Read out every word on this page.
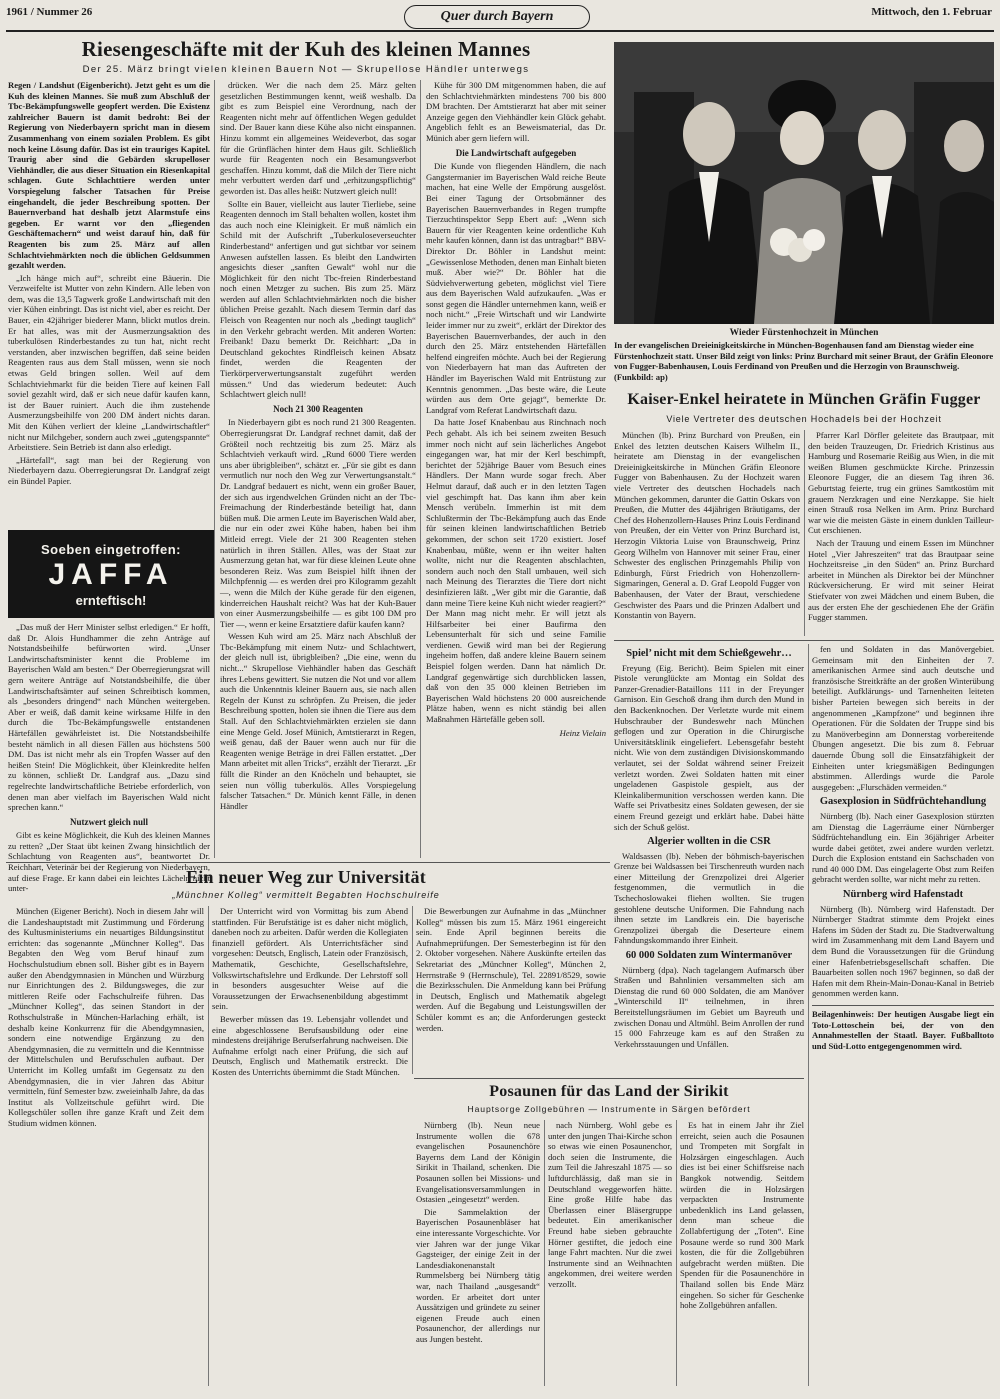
1961 / Nummer 26	Quer durch Bayern	Mittwoch, den 1. Februar
Riesengeschäfte mit der Kuh des kleinen Mannes
Der 25. März bringt vielen kleinen Bauern Not — Skrupellose Händler unterwegs

Regen / Landshut (Eigenbericht). Jetzt geht es um die Kuh des kleinen Mannes. Sie muß zum Abschluß der Tbc-Bekämpfungswelle geopfert werden. Die Existenz zahlreicher Bauern ist damit bedroht: Bei der Regierung von Niederbayern spricht man in diesem Zusammenhang von einem sozialen Problem. Es gibt noch keine Lösung dafür. Das ist ein trauriges Kapitel. Traurig aber sind die Gebärden skrupelloser Viehhändler, die aus dieser Situation ein Riesenkapital schlagen. Gute Schlachttiere werden unter Vorspiegelung falscher Tatsachen für Preise eingehandelt, die jeder Beschreibung spotten. Der Bauernverband hat deshalb jetzt Alarmstufe eins gegeben. Er warnt vor den „fliegenden Geschäftemachern“ und weist darauf hin, daß für Reagenten bis zum 25. März auf allen Schlachtviehmärkten noch die üblichen Geldsummen gezahlt werden.

„Ich hänge mich auf“, schreibt eine Bäuerin. Die Verzweifelte ist Mutter von zehn Kindern. Alle leben von dem, was die 13,5 Tagwerk große Landwirtschaft mit den vier Kühen einbringt. Das ist nicht viel, aber es reicht. Der Bauer, ein 42jähriger biederer Mann, blickt mutlos drein. Er hat alles, was mit der Ausmerzungsaktion des tuberkulösen Rinderbestandes zu tun hat, nicht recht verstanden, aber inzwischen begriffen, daß seine beiden Reagenten raus aus dem Stall müssen, wenn sie noch etwas Geld bringen sollen. Weil auf dem Schlachtviehmarkt für die beiden Tiere auf keinen Fall soviel gezahlt wird, daß er sich neue dafür kaufen kann, ist der Bauer ruiniert. Auch die ihm zustehende Ausmerzungsbeihilfe von 200 DM ändert nichts daran. Mit den Kühen verliert der kleine „Landwirtschaftler“ nicht nur Milchgeber, sondern auch zwei „gutengspannte“ Arbeitstiere. Sein Betrieb ist dann also erledigt.

„Härtefall“, sagt man bei der Regierung von Niederbayern dazu. Oberregierungsrat Dr. Landgraf zeigt ein Bündel Papier.

Soeben eingetroffen:
JAFFA
ernteftisch!

„Das muß der Herr Minister selbst erledigen.“ Er hofft, daß Dr. Alois Hundhammer die zehn Anträge auf Notstandsbeihilfe befürworten wird. „Unser Landwirtschaftsminister kennt die Probleme im Bayerischen Wald am besten.“ Der Oberregierungsrat will gern weitere Anträge auf Notstandsbeihilfe, die über Landwirtschaftsämter auf seinen Schreibtisch kommen, als „besonders dringend“ nach München weitergeben. Aber er weiß, daß damit keine wirksame Hilfe in den durch die Tbc-Bekämpfungswelle entstandenen Härtefällen gewährleistet ist. Die Notstandsbeihilfe besteht nämlich in all diesen Fällen aus höchstens 500 DM. Das ist nicht mehr als ein Tropfen Wasser auf den heißen Stein! Die Möglichkeit, über Kleinkredite helfen zu können, schließt Dr. Landgraf aus. „Dazu sind regelrechte landwirtschaftliche Betriebe erforderlich, von denen man aber vielfach im Bayerischen Wald nicht sprechen kann.“

Nutzwert gleich null

Gibt es keine Möglichkeit, die Kuh des kleinen Mannes zu retten? „Der Staat übt keinen Zwang hinsichtlich der Schlachtung von Reagenten aus“, beantwortet Dr. Reichhart, Veterinär bei der Regierung von Niederbayern, auf diese Frage. Er kann dabei ein leichtes Lächeln nicht unter-

drücken. Wer die nach dem 25. März gelten gesetzlichen Bestimmungen kennt, weiß weshalb. Da gibt es zum Beispiel eine Verordnung, nach der Reagenten nicht mehr auf öffentlichen Wegen geduldet sind. Der Bauer kann diese Kühe also nicht einspannen. Hinzu kommt ein allgemeines Weideverbot, das sogar für die Grünflächen hinter dem Haus gilt. Schließlich wurde für Reagenten noch ein Besamungsverbot geschaffen. Hinzu kommt, daß die Milch der Tiere nicht mehr verbuttert werden darf und „erhitzungspflichtig“ geworden ist. Das alles heißt: Nutzwert gleich null!

Sollte ein Bauer, vielleicht aus lauter Tierliebe, seine Reagenten dennoch im Stall behalten wollen, kostet ihm das auch noch eine Kleinigkeit. Er muß nämlich ein Schild mit der Aufschrift „Tuberkuloseverseuchter Rinderbestand“ anfertigen und gut sichtbar vor seinem Anwesen aufstellen lassen. Es bleibt den Landwirten angesichts dieser „sanften Gewalt“ wohl nur die Möglichkeit für den nicht Tbc-freien Rinderbestand noch einen Metzger zu suchen. Bis zum 25. März werden auf allen Schlachtviehmärkten noch die bisher üblichen Preise gezahlt. Nach diesem Termin darf das Fleisch von Reagenten nur noch als „bedingt tauglich“ in den Verkehr gebracht werden. Mit anderen Worten: Freibank! Dazu bemerkt Dr. Reichhart: „Da in Deutschland gekochtes Rindfleisch keinen Absatz findet, werden die Reagenten der Tierkörperverwertungsanstalt zugeführt werden müssen.“ Und das wiederum bedeutet: Auch Schlachtwert gleich null!

Noch 21 300 Reagenten

In Niederbayern gibt es noch rund 21 300 Reagenten. Oberregierungsrat Dr. Landgraf rechnet damit, daß der Größteil noch rechtzeitig bis zum 25. März als Schlachtvieh verkauft wird. „Rund 6000 Tiere werden uns aber übrigbleiben“, schätzt er. „Für sie gibt es dann vermutlich nur noch den Weg zur Verwertungsanstalt.“ Dr. Landgraf bedauert es nicht, wenn ein großer Bauer, der sich aus irgendwelchen Gründen nicht an der Tbc-Freimachung der Rinderbestände beteiligt hat, dann büßen muß. Die armen Leute im Bayerischen Wald aber, die nur ein oder zwei Kühe haben, haben bei ihm Mitleid erregt. Viele der 21 300 Reagenten stehen natürlich in ihren Ställen. Alles, was der Staat zur Ausmerzung getan hat, war für diese kleinen Leute ohne besonderen Reiz. Was zum Beispiel hilft ihnen der Milchpfennig — es werden drei pro Kilogramm gezahlt —, wenn die Milch der Kühe gerade für den eigenen, kinderreichen Haushalt reicht? Was hat der Kuh-Bauer von einer Ausmerzungsbeihilfe — es gibt 100 DM pro Tier —, wenn er keine Ersatztiere dafür kaufen kann?

Wessen Kuh wird am 25. März nach Abschluß der Tbc-Bekämpfung mit einem Nutz- und Schlachtwert, der gleich null ist, übrigbleiben? „Die eine, wenn du nicht...“ Skrupellose Viehhändler haben das Geschäft ihres Lebens gewittert. Sie nutzen die Not und vor allem auch die Unkenntnis kleiner Bauern aus, sie nach allen Regeln der Kunst zu schröpfen. Zu Preisen, die jeder Beschreibung spotten, holen sie ihnen die Tiere aus dem Stall. Auf den Schlachtviehmärkten erzielen sie dann eine Menge Geld. Josef Münich, Amtstierarzt in Regen, weiß genau, daß der Bauer wenn auch nur für die Reagenten wenige Beträge in drei Fällen erstattet. „Der Mann arbeitet mit allen Tricks“, erzählt der Tierarzt. „Er füllt die Rinder an den Knöcheln und behauptet, sie seien nun völlig tuberkulös. Alles Vorspiegelung falscher Tatsachen.“ Dr. Münich kennt Fälle, in denen Händler

Kühe für 300 DM mitgenommen haben, die auf den Schlachtviehmärkten mindestens 700 bis 800 DM brachten. Der Amtstierarzt hat aber mit seiner Anzeige gegen den Viehhändler kein Glück gehabt. Angeblich fehlt es an Beweismaterial, das Dr. Münich aber gern liefern will.

Die Landwirtschaft aufgegeben

Die Kunde von fliegenden Händlern, die nach Gangstermanier im Bayerischen Wald reiche Beute machen, hat eine Welle der Empörung ausgelöst. Bei einer Tagung der Ortsobmänner des Bayerischen Bauernverbandes in Regen trumpfte Tierzuchtinspektor Sepp Ebert auf: „Wenn sich Bauern für vier Reagenten keine ordentliche Kuh mehr kaufen können, dann ist das untragbar!“ BBV-Direktor Dr. Böhler in Landshut meint: „Gewissenlose Methoden, denen man Einhalt bieten muß. Aber wie?“ Dr. Böhler hat die Südviehverwertung gebeten, möglichst viel Tiere aus dem Bayerischen Wald aufzukaufen. „Was er sonst gegen die Händler unternehmen kann, weiß er noch nicht.“ „Freie Wirtschaft und wir Landwirte leider immer nur zu zweit“, erklärt der Direktor des Bayerischen Bauernverbandes, der auch in den durch den 25. März entstehenden Härtefällen helfend eingreifen möchte. Auch bei der Regierung von Niederbayern hat man das Auftreten der Händler im Bayerischen Wald mit Entrüstung zur Kenntnis genommen. „Das beste wäre, die Leute würden aus dem Orte gejagt“, bemerkte Dr. Landgraf vom Referat Landwirtschaft dazu.

Da hatte Josef Knabenbau aus Rinchnach noch Pech gehabt. Als ich bei seinem zweiten Besuch immer noch nicht auf sein lächerliches Angebot eingegangen war, hat mir der Kerl beschimpft, berichtet der 52jährige Bauer vom Besuch eines Händlers. Der Mann wurde sogar frech. Aber Helmut darauf, daß auch er in den letzten Tagen viel geschimpft hat. Das kann ihm aber kein Mensch verübeln. Immerhin ist mit dem Schlußtermin der Tbc-Bekämpfung auch das Ende für seinen kleinen landwirtschaftlichen Betrieb gekommen, der schon seit 1720 existiert. Josef Knabenbau, müßte, wenn er ihn weiter halten wollte, nicht nur die Reagenten abschlachten, sondern auch noch den Stall umbauen, weil sich nach Meinung des Tierarztes die Tiere dort nicht desinfizieren läßt. „Wer gibt mir die Garantie, daß dann meine Tiere keine Kuh nicht wieder reagiert?“ Der Mann mag nicht mehr. Er will jetzt als Hilfsarbeiter bei einer Baufirma den Lebensunterhalt für sich und seine Familie verdienen. Gewiß wird man bei der Regierung ingeheim hoffen, daß andere kleine Bauern seinem Beispiel folgen werden. Dann hat nämlich Dr. Landgraf gegenwärtige sich durchblicken lassen, daß von den 35 000 kleinen Betrieben im Bayerischen Wald höchstens 20 000 ausreichende Plätze haben, wenn es nicht ständig bei allen Maßnahmen Härtefälle geben soll.

Heinz Vielain
Wieder Fürstenhochzeit in München
In der evangelischen Dreieinigkeitskirche in München-Bogenhausen fand am Dienstag wieder eine Fürstenhochzeit statt. Unser Bild zeigt von links: Prinz Burchard mit seiner Braut, der Gräfin Eleonore von Fugger-Babenhausen, Louis Ferdinand von Preußen und die Herzogin von Braunschweig. (Funkbild: ap)
Kaiser-Enkel heiratete in München Gräfin Fugger
Viele Vertreter des deutschen Hochadels bei der Hochzeit

München (lb). Prinz Burchard von Preußen, ein Enkel des letzten deutschen Kaisers Wilhelm II., heiratete am Dienstag in der evangelischen Dreieinigkeitskirche in München Gräfin Eleonore Fugger von Babenhausen. Zu der Hochzeit waren viele Vertreter des deutschen Hochadels nach München gekommen, darunter die Gattin Oskars von Preußen, die Mutter des 44jährigen Bräutigams, der Chef des Hohenzollern-Hauses Prinz Louis Ferdinand von Preußen, der ein Vetter von Prinz Burchard ist, Herzogin Viktoria Luise von Braunschweig, Prinz Georg Wilhelm von Hannover mit seiner Frau, einer Schwester des englischen Prinzgemahls Philip von Edinburgh, Fürst Friedrich von Hohenzollern-Sigmaringen, General a. D. Graf Leopold Fugger von Babenhausen, der Vater der Braut, verschiedene Geschwister des Paars und die Prinzen Adalbert und Konstantin von Bayern.

Pfarrer Karl Dörfler geleitete das Brautpaar, mit den beiden Trauzeugen, Dr. Friedrich Kristinus aus Hamburg und Rosemarie Reißig aus Wien, in die mit weißen Blumen geschmückte Kirche. Prinzessin Eleonore Fugger, die an diesem Tag ihren 36. Geburtstag feierte, trug ein grünes Samtkostüm mit grauem Nerzkragen und eine Nerzkappe. Sie hielt einen Strauß rosa Nelken im Arm. Prinz Burchard war wie die meisten Gäste in einem dunklen Tailleur-Cut erschienen.

Nach der Trauung und einem Essen im Münchner Hotel „Vier Jahreszeiten“ trat das Brautpaar seine Hochzeitsreise „in den Süden“ an. Prinz Burchard arbeitet in München als Direktor bei der Münchner Rückversicherung. Er wird mit seiner Heirat Stiefvater von zwei Mädchen und einem Buben, die aus der ersten Ehe der geschiedenen Ehe der Gräfin Fugger stammen.

Spiel’ nicht mit dem Schießgewehr…

Freyung (Eig. Bericht). Beim Spielen mit einer Pistole verunglückte am Montag ein Soldat des Panzer-Grenadier-Bataillons 111 in der Freyunger Garnison. Ein Geschoß drang ihm durch den Mund in den Backenknochen. Der Verletzte wurde mit einem Hubschrauber der Bundeswehr nach München geflogen und zur Operation in die Chirurgische Universitätsklinik eingeliefert. Lebensgefahr besteht nicht. Wie von dem zuständigen Divisionskommando verlautet, sei der Soldat während seiner Freizeit verletzt worden. Zwei Soldaten hatten mit einer ungeladenen Gaspistole gespielt, aus der Kleinkalibermunition verschossen werden kann. Die Waffe sei Privatbesitz eines Soldaten gewesen, der sie einem Freund gezeigt und erklärt habe. Dabei hätte sich der Schuß gelöst.

Algerier wollten in die CSR

Waldsassen (lb). Neben der böhmisch-bayerischen Grenze bei Waldsassen bei Tirschenreuth wurden nach einer Mitteilung der Grenzpolizei drei Algerier festgenommen, die vermutlich in die Tschechoslowakei fliehen wollten. Sie trugen gestohlene deutsche Uniformen. Die Fahndung nach ihnen setzte im Landkreis ein. Die bayerische Grenzpolizei übergab die Deserteure einem Fahndungskommando ihrer Einheit.

60 000 Soldaten zum Wintermanöver

Nürnberg (dpa). Nach tagelangem Aufmarsch über Straßen und Bahnlinien versammelten sich am Dienstag die rund 60 000 Soldaten, die am Manöver „Winterschild II“ teilnehmen, in ihren Bereitstellungsräumen im Gebiet um Bayreuth und zwischen Donau und Altmühl. Beim Anrollen der rund 15 000 Fahrzeuge kam es auf den Straßen zu Verkehrsstauungen und Unfällen.

fen und Soldaten in das Manövergebiet. Gemeinsam mit den Einheiten der 7. amerikanischen Armee sind auch deutsche und französische Streitkräfte an der großen Winterübung beteiligt. Aufklärungs- und Tarnenheiten leiteten bisher Parteien bewegen sich bereits in der angenommenen „Kampfzone“ und beginnen ihre Operationen. Für die Soldaten der Truppe sind bis zu Manöverbeginn am Donnerstag vorbereitende Übungen angesetzt. Die bis zum 8. Februar dauernde Übung soll die Einsatzfähigkeit der Einheiten unter kriegsmäßigen Bedingungen abstimmen. Allerdings wurde die Parole ausgegeben: „Flurschäden vermeiden.“

Gasexplosion in Südfrüchtehandlung

Nürnberg (lb). Nach einer Gasexplosion stürzten am Dienstag die Lagerräume einer Nürnberger Südfrüchtehandlung ein. Ein 36jähriger Arbeiter wurde dabei getötet, zwei andere wurden verletzt. Durch die Explosion entstand ein Sachschaden von rund 40 000 DM. Das eingelagerte Obst zum Reifen gebracht werden sollte, war nicht mehr zu retten.

Nürnberg wird Hafenstadt

Nürnberg (lb). Nürnberg wird Hafenstadt. Der Nürnberger Stadtrat stimmte dem Projekt eines Hafens im Süden der Stadt zu. Die Stadtverwaltung wird im Zusammenhang mit dem Land Bayern und dem Bund die Voraussetzungen für die Gründung einer Hafenbetriebsgesellschaft schaffen. Die Bauarbeiten sollen noch 1967 beginnen, so daß der Hafen mit dem Rhein-Main-Donau-Kanal in Betrieb genommen werden kann.

Beilagenhinweis: Der heutigen Ausgabe liegt ein Toto-Lottoschein bei, der von den Annahmestellen der Staatl. Bayer. Fußballtoto und Süd-Lotto entgegengenommen wird.

Ein neuer Weg zur Universität
„Münchner Kolleg“ vermittelt Begabten Hochschulreife

München (Eigener Bericht). Noch in diesem Jahr will die Landeshauptstadt mit Zustimmung und Förderung des Kultusministeriums ein neuartiges Bildungsinstitut errichten: das sogenannte „Münchner Kolleg“. Das Begabten den Weg vom Beruf hinauf zum Hochschulstudium ebnen soll. Bisher gibt es in Bayern außer den Abendgymnasien in München und Würzburg nur Einrichtungen des 2. Bildungsweges, die zur mittleren Reife oder Fachschulreife führen. Das „Münchner Kolleg“, das seinen Standort in der Rothschulstraße in München-Harlaching erhält, ist deshalb keine Konkurrenz für die Abendgymnasien, sondern eine notwendige Ergänzung zu den Abendgymnasien, die zu vermitteln und die Kenntnisse der Mittelschulen und Berufsschulen aufbaut. Der Unterricht im Kolleg umfaßt im Gegensatz zu den Abendgymnasien, die in vier Jahren das Abitur vermitteln, fünf Semester bzw. zweieinhalb Jahre, da das Institut als Vollzeitschule geführt wird. Die Kollegschüler sollen ihre ganze Kraft und Zeit dem Studium widmen können.

Der Unterricht wird von Vormittag bis zum Abend stattfinden. Für Berufstätige ist es daher nicht möglich, daneben noch zu arbeiten. Dafür werden die Kollegiaten finanziell gefördert. Als Unterrichtsfächer sind vorgesehen: Deutsch, Englisch, Latein oder Französisch, Mathematik, Geschichte, Gesellschaftslehre, Volkswirtschaftslehre und Erdkunde. Der Lehrstoff soll in besonders ausgesuchter Weise auf die Voraussetzungen der Erwachsenenbildung abgestimmt sein.

Bewerber müssen das 19. Lebensjahr vollendet und eine abgeschlossene Berufsausbildung oder eine mindestens dreijährige Berufserfahrung nachweisen. Die Aufnahme erfolgt nach einer Prüfung, die sich auf Deutsch, Englisch und Mathematik erstreckt. Die Kosten des Unterrichts übernimmt die Stadt München.

Die Bewerbungen zur Aufnahme in das „Münchner Kolleg“ müssen bis zum 15. März 1961 eingereicht sein. Ende April beginnen bereits die Aufnahmeprüfungen. Der Semesterbeginn ist für den 2. Oktober vorgesehen. Nähere Auskünfte erteilen das Sekretariat des „Münchner Kolleg“, München 2, Herrnstraße 9 (Herrnschule), Tel. 22891/8529, sowie die Bezirksschulen. Die Anmeldung kann bei Prüfung in Deutsch, Englisch und Mathematik abgelegt werden. Auf die Begabung und Leistungswillen der Schüler kommt es an; die Anforderungen gesteckt werden.

Posaunen für das Land der Sirikit
Hauptsorge Zollgebühren — Instrumente in Särgen befördert

Nürnberg (lb). Neun neue Instrumente wollen die 678 evangelischen Posaunenchöre Bayerns dem Land der Königin Sirikit in Thailand, schenken. Die Posaunen sollen bei Missions- und Evangelisationsversammlungen in Ostasien „eingesetzt“ werden.

Die Sammelaktion der Bayerischen Posaunenbläser hat eine interessante Vorgeschichte. Vor vier Jahren war der junge Vikar Gagsteiger, der einige Zeit in der Landesdiakonenanstalt Rummelsberg bei Nürnberg tätig war, nach Thailand „ausgesandt“ worden. Er arbeitet dort unter Aussätzigen und gründete zu seiner eigenen Freude auch einen Posaunenchor, der allerdings nur aus Jungen besteht.

nach Nürnberg. Wohl gebe es unter den jungen Thai-Kirche schon so etwas wie einen Posaunenchor, doch seien die Instrumente, die zum Teil die Jahreszahl 1875 — so luftdurchlässig, daß man sie in Deutschland weggeworfen hätte. Eine große Hilfe habe das Überlassen einer Bläsergruppe bedeutet. Ein amerikanischer Freund habe sieben gebrauchte Hörner gestiftet, die jedoch eine lange Fahrt machten. Nur die zwei Instrumente sind an Weihnachten angekommen, drei weitere werden verzollt.

Es hat in einem Jahr ihr Ziel erreicht, seien auch die Posaunen und Trompeten mit Sorgfalt in Holzsärgen eingeschlagen. Auch dies ist bei einer Schiffsreise nach Bangkok notwendig. Seitdem würden die in Holzsärgen verpackten Instrumente unbedenklich ins Land gelassen, denn man scheue die Zollabfertigung der „Toten“. Eine Posaune werde so rund 300 Mark kosten, die für die Zollgebühren aufgebracht werden müßten. Die Spenden für die Posaunenchöre in Thailand sollen bis Ende März eingehen. So sicher für Geschenke hohe Zollgebühren anfallen.
